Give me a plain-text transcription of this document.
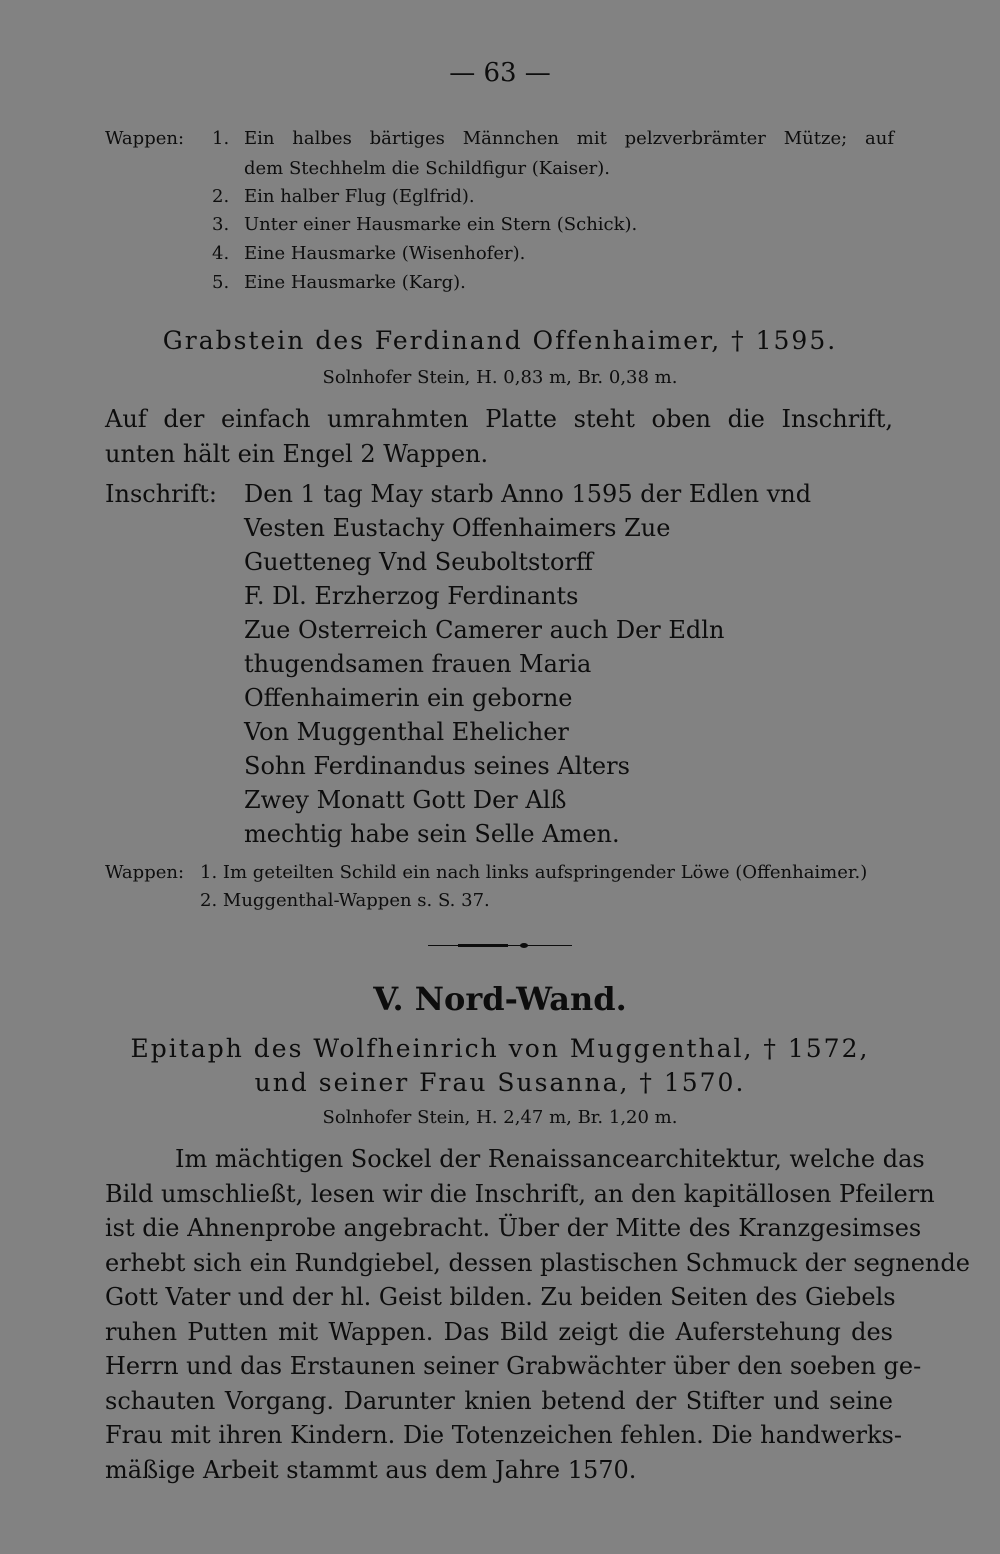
— 63 —
Wappen: 1. Ein halbes bärtiges Männchen mit pelzverbrämter Mütze; auf
dem Stechhelm die Schildfigur (Kaiser).
2. Ein halber Flug (Eglfrid).
3. Unter einer Hausmarke ein Stern (Schick).
4. Eine Hausmarke (Wisenhofer).
5. Eine Hausmarke (Karg).
Grabstein des Ferdinand Offenhaimer, † 1595.
Solnhofer Stein, H. 0,83 m, Br. 0,38 m.
Auf der einfach umrahmten Platte steht oben die Inschrift,
unten hält ein Engel 2 Wappen.
Inschrift: Den 1 tag May starb Anno 1595 der Edlen vnd
Vesten Eustachy Offenhaimers Zue
Guetteneg Vnd Seuboltstorff
F. Dl. Erzherzog Ferdinants
Zue Osterreich Camerer auch Der Edln
thugendsamen frauen Maria
Offenhaimerin ein geborne
Von Muggenthal Ehelicher
Sohn Ferdinandus seines Alters
Zwey Monatt Gott Der Alß
mechtig habe sein Selle Amen.
Wappen: 1. Im geteilten Schild ein nach links aufspringender Löwe (Offenhaimer.)
2. Muggenthal-Wappen s. S. 37.
V. Nord-Wand.
Epitaph des Wolfheinrich von Muggenthal, † 1572,
und seiner Frau Susanna, † 1570.
Solnhofer Stein, H. 2,47 m, Br. 1,20 m.
Im mächtigen Sockel der Renaissancearchitektur, welche das
Bild umschließt, lesen wir die Inschrift, an den kapitällosen Pfeilern
ist die Ahnenprobe angebracht. Über der Mitte des Kranzgesimses
erhebt sich ein Rundgiebel, dessen plastischen Schmuck der segnende
Gott Vater und der hl. Geist bilden. Zu beiden Seiten des Giebels
ruhen Putten mit Wappen. Das Bild zeigt die Auferstehung des
Herrn und das Erstaunen seiner Grabwächter über den soeben ge-
schauten Vorgang. Darunter knien betend der Stifter und seine
Frau mit ihren Kindern. Die Totenzeichen fehlen. Die handwerks-
mäßige Arbeit stammt aus dem Jahre 1570.
